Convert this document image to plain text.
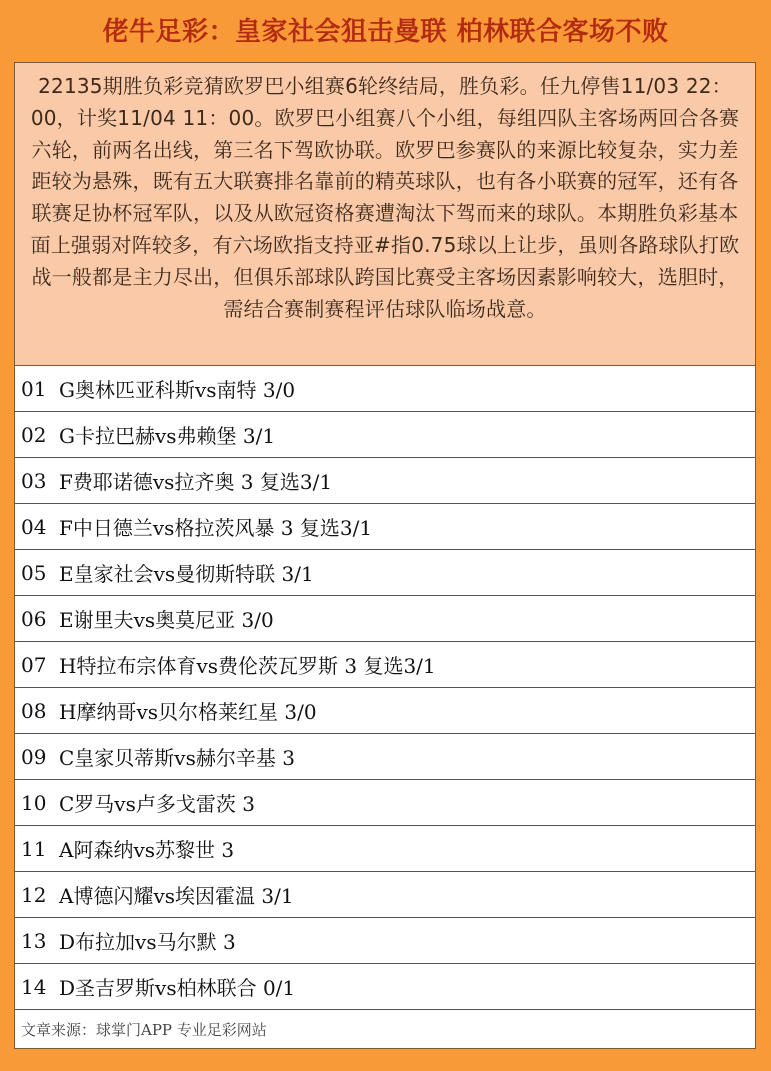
佬牛足彩：皇家社会狙击曼联 柏林联合客场不败
22135期胜负彩竞猜欧罗巴小组赛6轮终结局，胜负彩。任九停售11/03 22：00，计奖11/04 11：00。欧罗巴小组赛八个小组，每组四队主客场两回合各赛六轮，前两名出线，第三名下驾欧协联。欧罗巴参赛队的来源比较复杂，实力差距较为悬殊，既有五大联赛排名靠前的精英球队，也有各小联赛的冠军，还有各联赛足协杯冠军队，以及从欧冠资格赛遭淘汰下驾而来的球队。本期胜负彩基本面上强弱对阵较多，有六场欧指支持亚#指0.75球以上让步，虽则各路球队打欧战一般都是主力尽出，但俱乐部球队跨国比赛受主客场因素影响较大，选胆时，需结合赛制赛程评估球队临场战意。
01 G奥林匹亚科斯vs南特 3/0
02 G卡拉巴赫vs弗赖堡 3/1
03 F费耶诺德vs拉齐奥 3 复选3/1
04 F中日德兰vs格拉茨风暴 3 复选3/1
05 E皇家社会vs曼彻斯特联 3/1
06 E谢里夫vs奥莫尼亚 3/0
07 H特拉布宗体育vs费伦茨瓦罗斯 3 复选3/1
08 H摩纳哥vs贝尔格莱红星 3/0
09 C皇家贝蒂斯vs赫尔辛基 3
10 C罗马vs卢多戈雷茨 3
11 A阿森纳vs苏黎世 3
12 A博德闪耀vs埃因霍温 3/1
13 D布拉加vs马尔默 3
14 D圣吉罗斯vs柏林联合 0/1
文章来源：球掌门APP 专业足彩网站
